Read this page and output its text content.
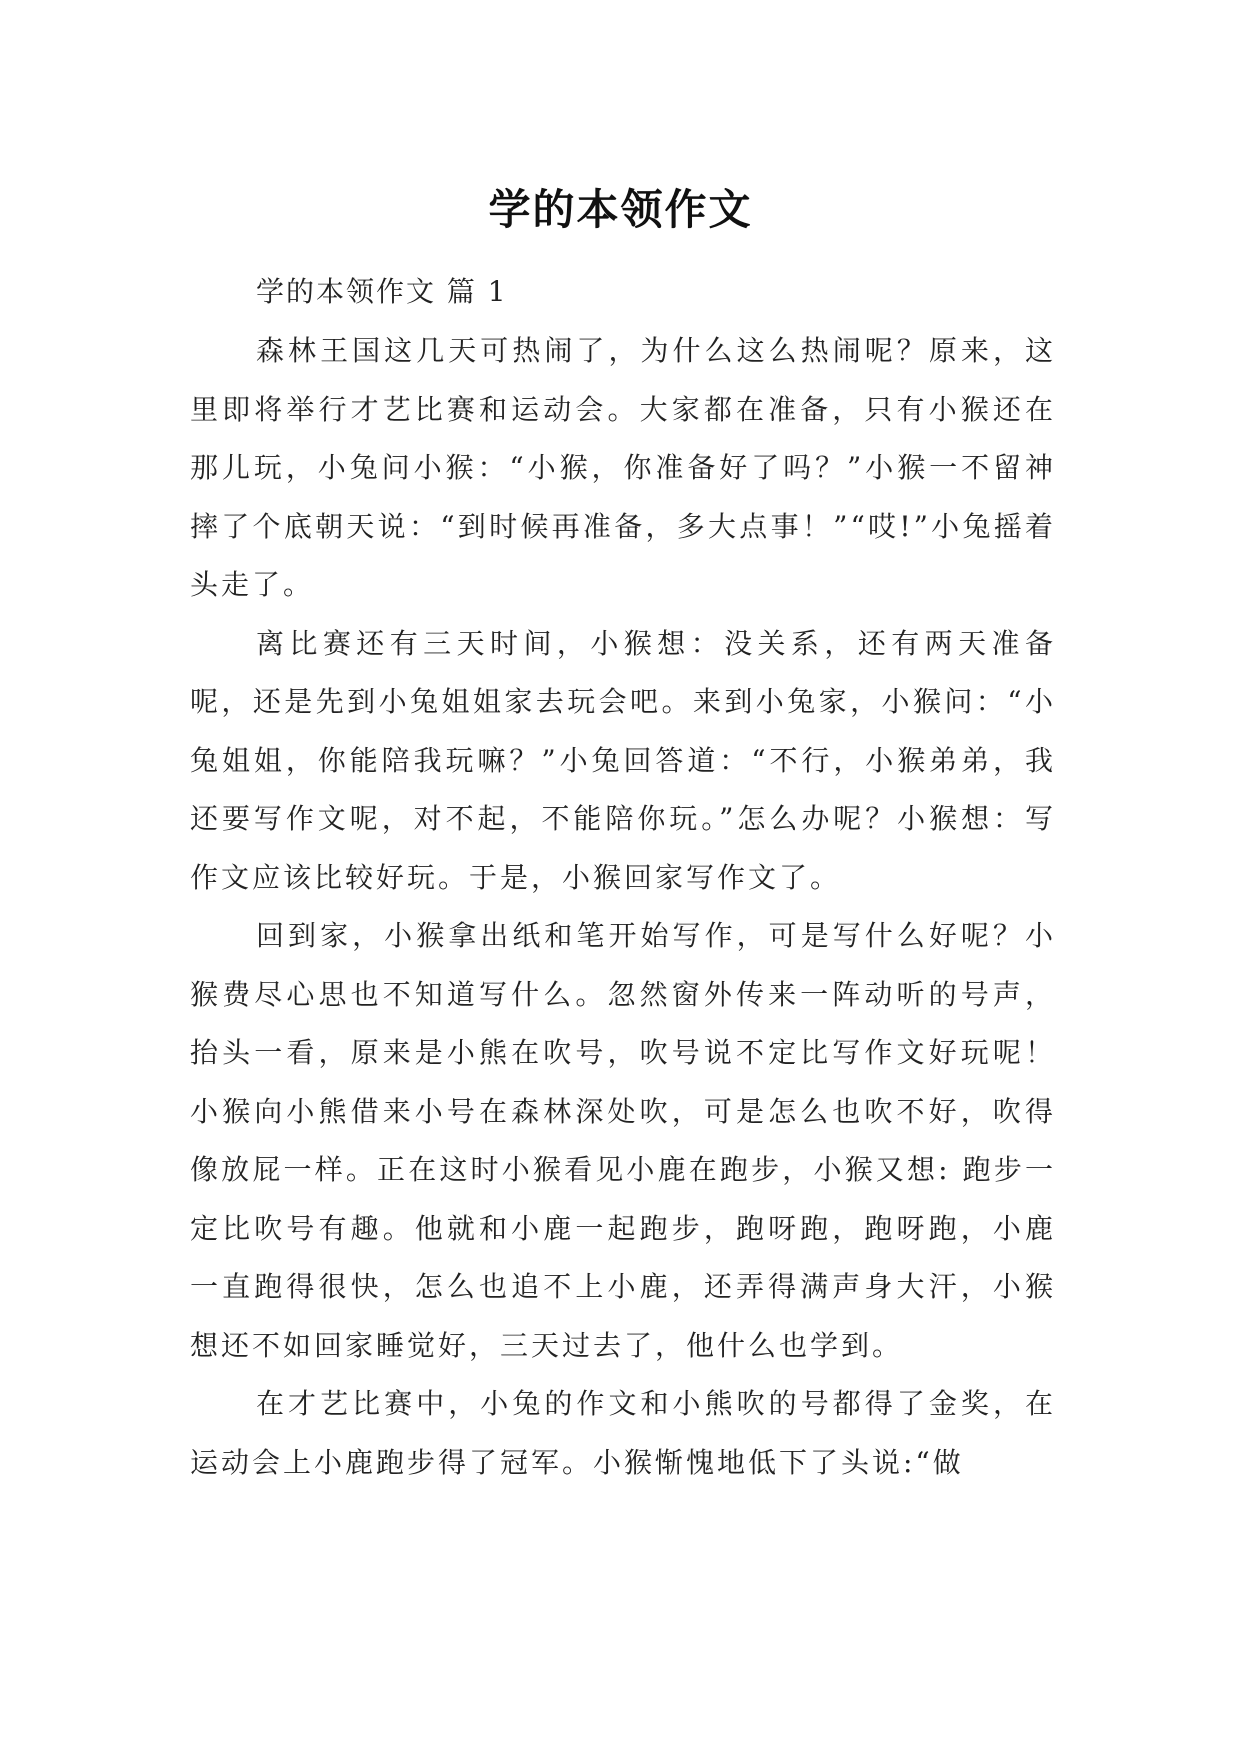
学的本领作文

学的本领作文 篇 1

森林王国这几天可热闹了，为什么这么热闹呢？原来，这里即将举行才艺比赛和运动会。大家都在准备，只有小猴还在那儿玩，小兔问小猴：“小猴，你准备好了吗？”小猴一不留神摔了个底朝天说：“到时候再准备，多大点事！”“哎!”小兔摇着头走了。

离比赛还有三天时间，小猴想：没关系，还有两天准备呢，还是先到小兔姐姐家去玩会吧。来到小兔家，小猴问：“小兔姐姐，你能陪我玩嘛？”小兔回答道：“不行，小猴弟弟，我还要写作文呢，对不起，不能陪你玩。”怎么办呢？小猴想：写作文应该比较好玩。于是，小猴回家写作文了。

回到家，小猴拿出纸和笔开始写作，可是写什么好呢？小猴费尽心思也不知道写什么。忽然窗外传来一阵动听的号声，抬头一看，原来是小熊在吹号，吹号说不定比写作文好玩呢！小猴向小熊借来小号在森林深处吹，可是怎么也吹不好，吹得像放屁一样。正在这时小猴看见小鹿在跑步，小猴又想: 跑步一定比吹号有趣。他就和小鹿一起跑步，跑呀跑，跑呀跑，小鹿一直跑得很快，怎么也追不上小鹿，还弄得满声身大汗，小猴想还不如回家睡觉好，三天过去了，他什么也学到。

在才艺比赛中，小兔的作文和小熊吹的号都得了金奖，在运动会上小鹿跑步得了冠军。小猴惭愧地低下了头说:“做
